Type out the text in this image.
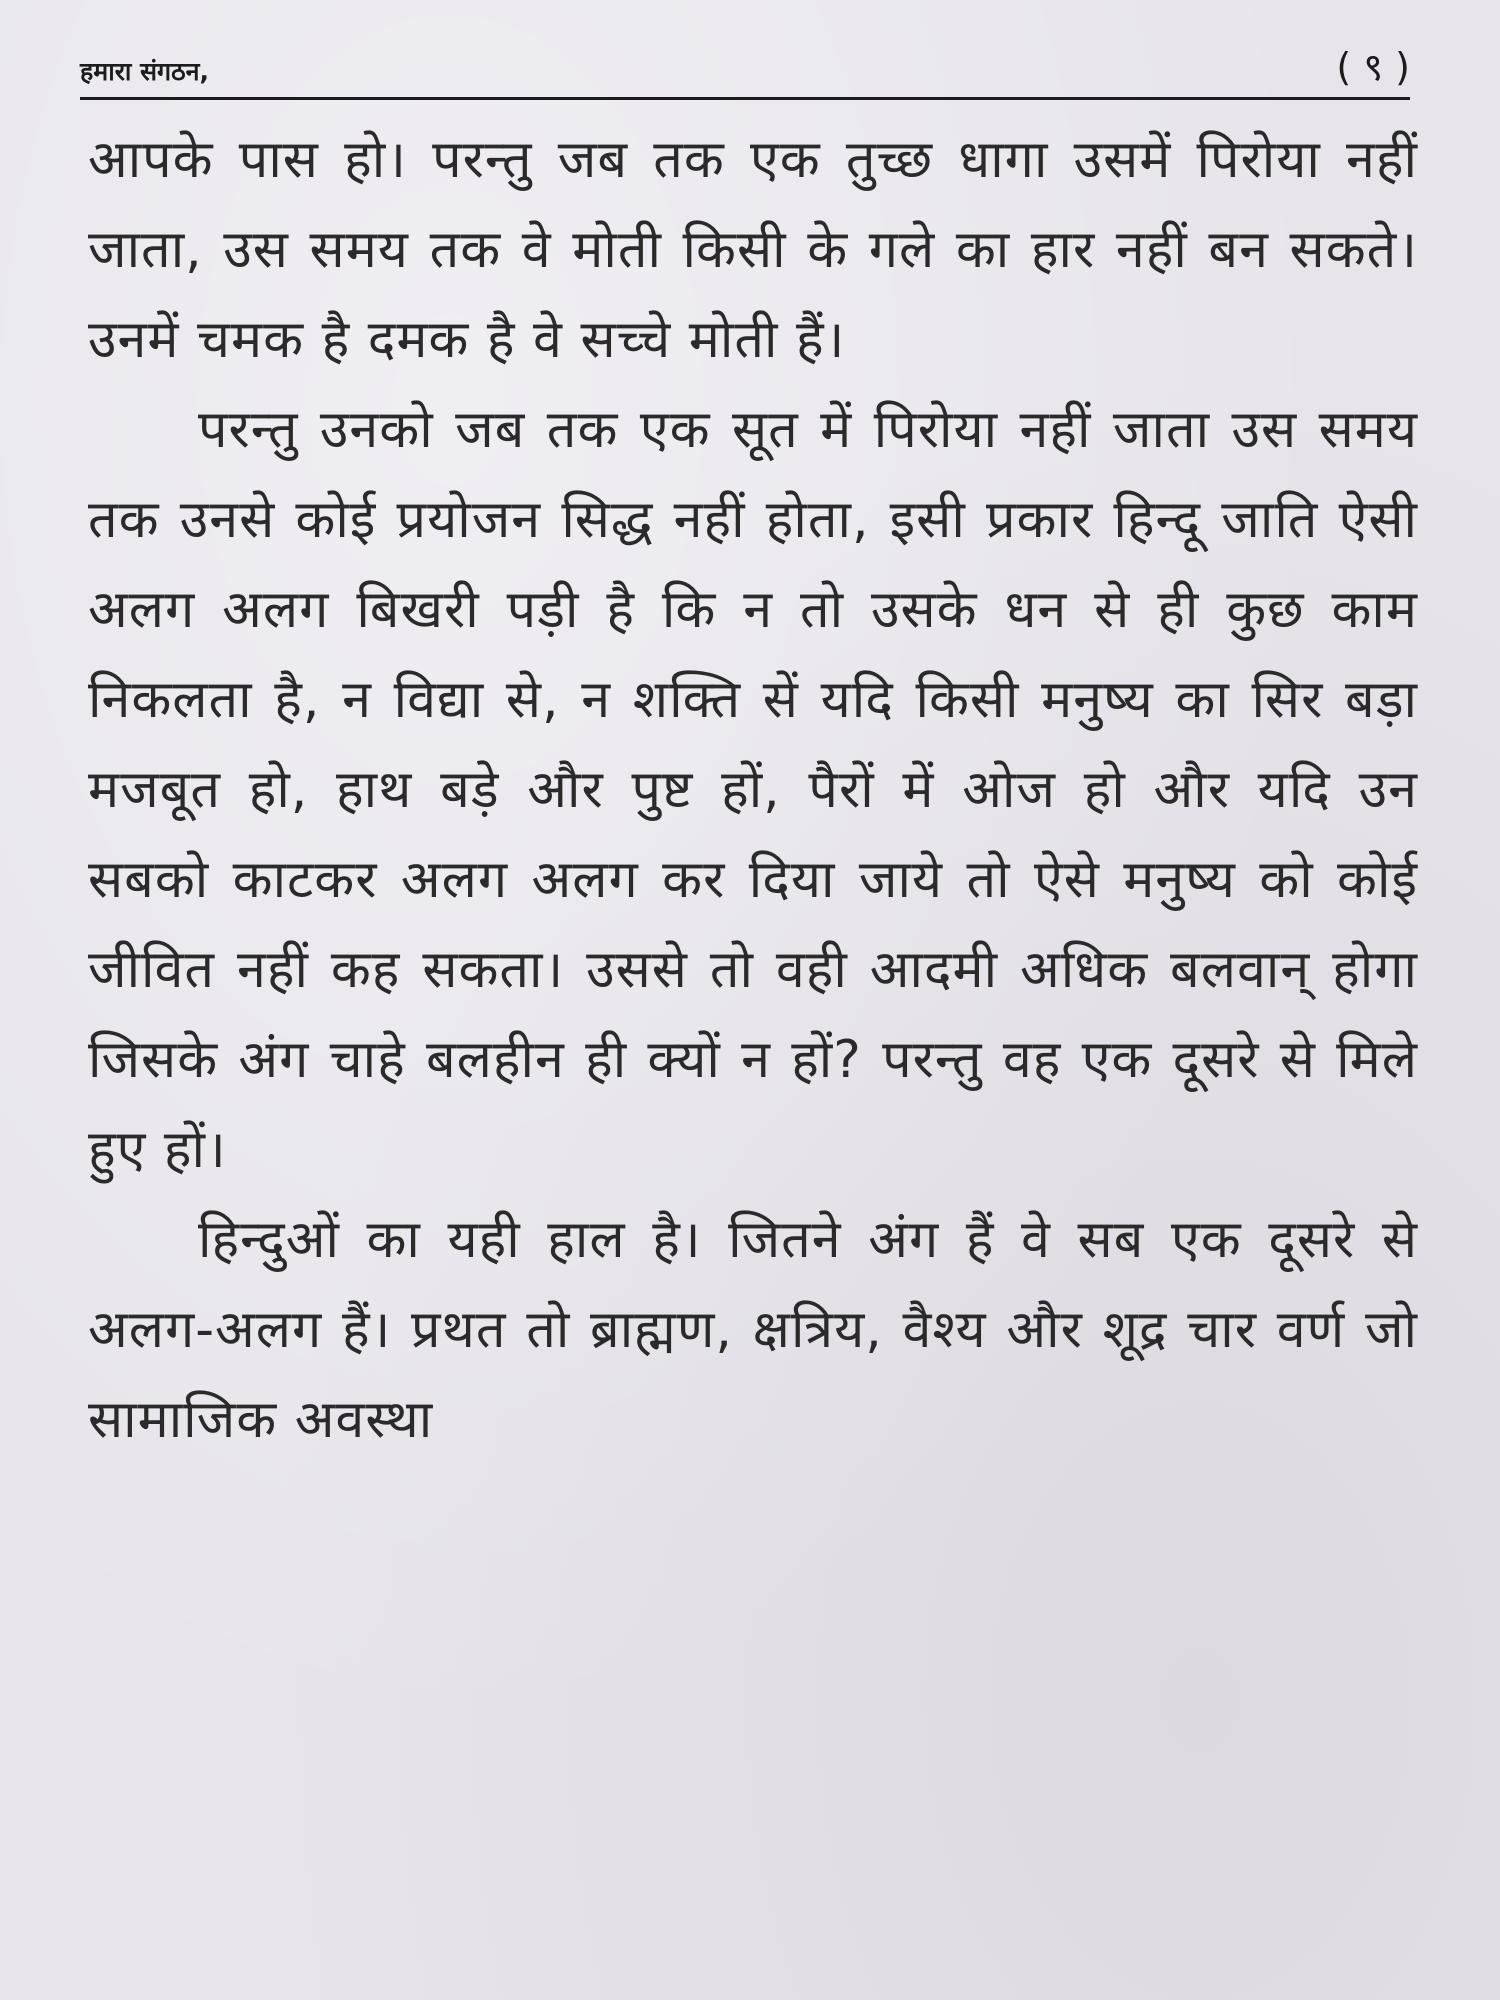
हमारा संगठन,	( ९ )

आपके पास हो। परन्तु जब तक एक तुच्छ धागा उसमें पिरोया नहीं जाता, उस समय तक वे मोती किसी के गले का हार नहीं बन सकते। उनमें चमक है दमक है वे सच्चे मोती हैं।

परन्तु उनको जब तक एक सूत में पिरोया नहीं जाता उस समय तक उनसे कोई प्रयोजन सिद्ध नहीं होता, इसी प्रकार हिन्दू जाति ऐसी अलग अलग बिखरी पड़ी है कि न तो उसके धन से ही कुछ काम निकलता है, न विद्या से, न शक्ति सें यदि किसी मनुष्य का सिर बड़ा मजबूत हो, हाथ बड़े और पुष्ट हों, पैरों में ओज हो और यदि उन सबको काटकर अलग अलग कर दिया जाये तो ऐसे मनुष्य को कोई जीवित नहीं कह सकता। उससे तो वही आदमी अधिक बलवान् होगा जिसके अंग चाहे बलहीन ही क्यों न हों? परन्तु वह एक दूसरे से मिले हुए हों।

हिन्दुओं का यही हाल है। जितने अंग हैं वे सब एक दूसरे से अलग-अलग हैं। प्रथत तो ब्राह्मण, क्षत्रिय, वैश्य और शूद्र चार वर्ण जो सामाजिक अवस्था
